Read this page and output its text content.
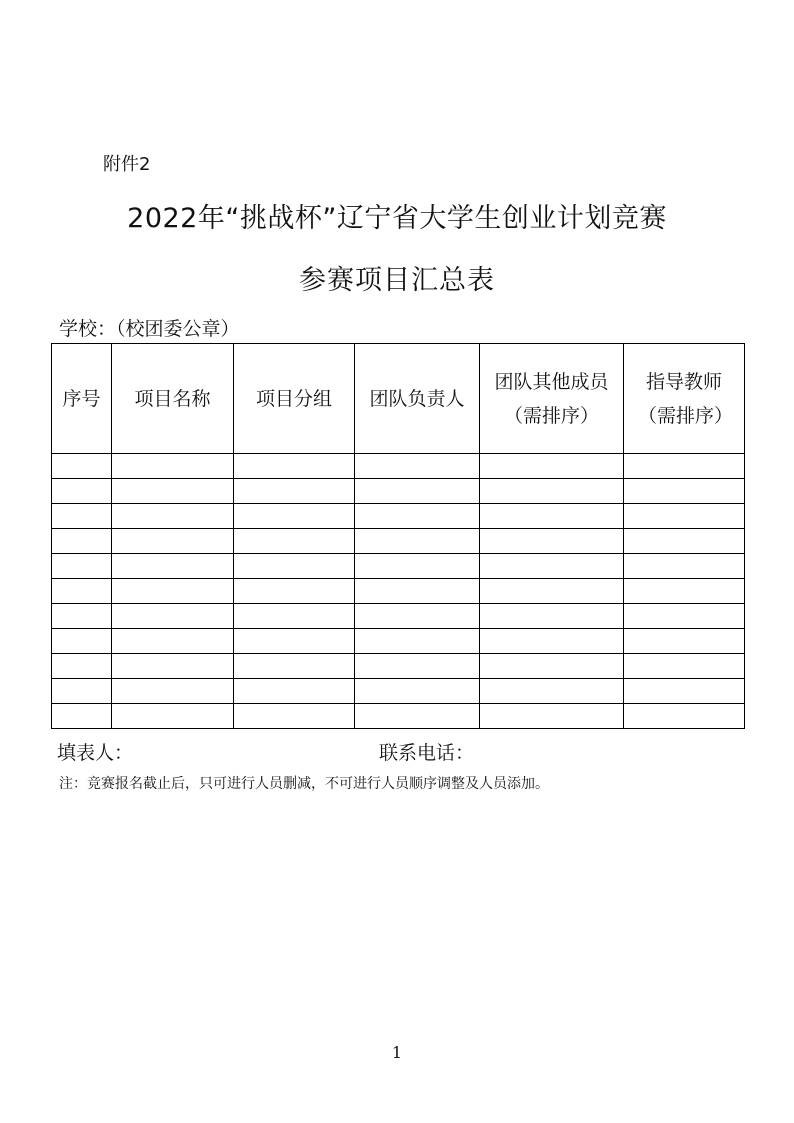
附件2
2022年“挑战杯”辽宁省大学生创业计划竞赛
参赛项目汇总表
学校：（校团委公章）
序号	项目名称	项目分组	团队负责人	团队其他成员（需排序）	指导教师（需排序）

填表人：	联系电话：
注：竞赛报名截止后，只可进行人员删减，不可进行人员顺序调整及人员添加。
1
